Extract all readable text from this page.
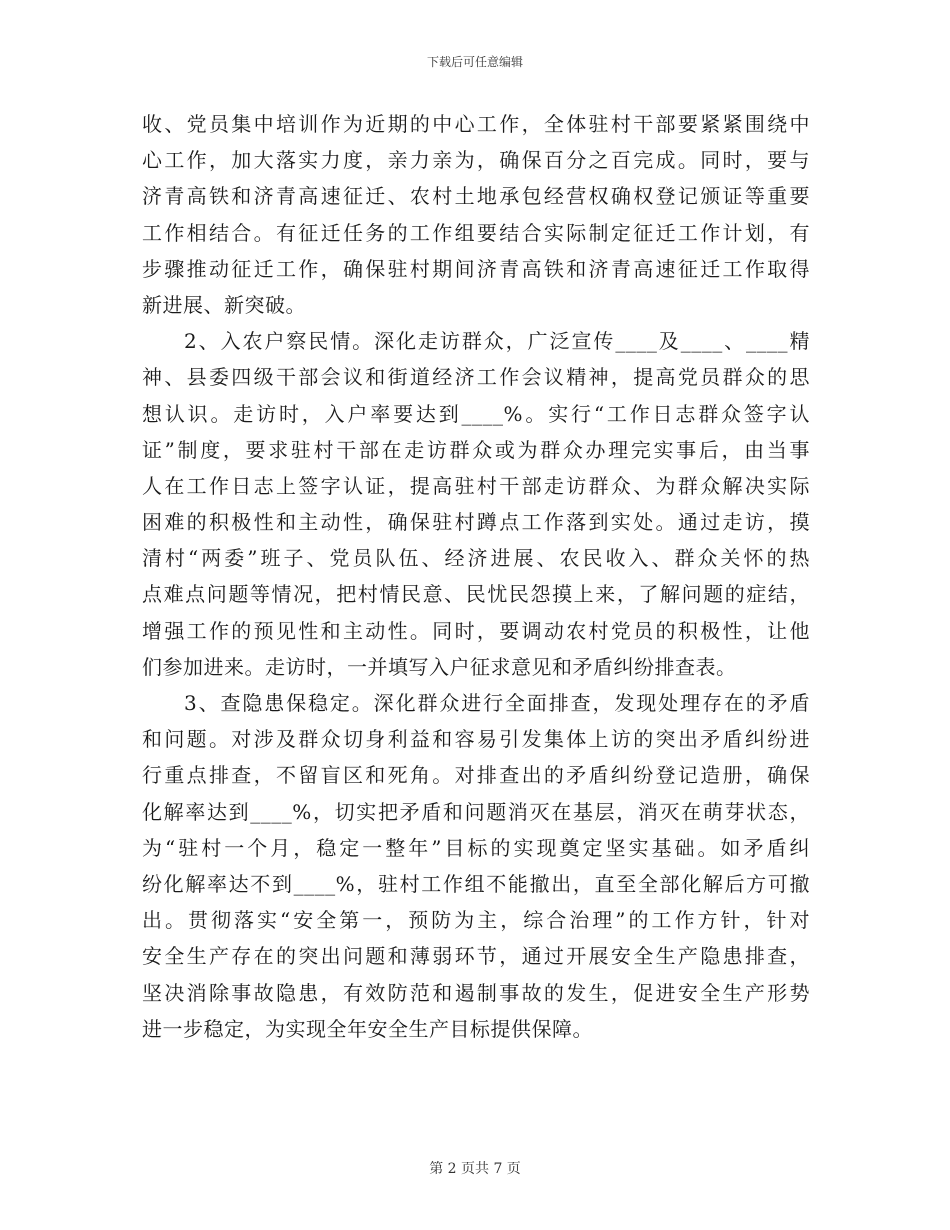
下载后可任意编辑
收、党员集中培训作为近期的中心工作，全体驻村干部要紧紧围绕中
心工作，加大落实力度，亲力亲为，确保百分之百完成。同时，要与
济青高铁和济青高速征迁、农村土地承包经营权确权登记颁证等重要
工作相结合。有征迁任务的工作组要结合实际制定征迁工作计划，有
步骤推动征迁工作，确保驻村期间济青高铁和济青高速征迁工作取得
新进展、新突破。
2、入农户察民情。深化走访群众，广泛宣传____及____、____精
神、县委四级干部会议和街道经济工作会议精神，提高党员群众的思
想认识。走访时，入户率要达到____%。实行“工作日志群众签字认
证”制度，要求驻村干部在走访群众或为群众办理完实事后，由当事
人在工作日志上签字认证，提高驻村干部走访群众、为群众解决实际
困难的积极性和主动性，确保驻村蹲点工作落到实处。通过走访，摸
清村“两委”班子、党员队伍、经济进展、农民收入、群众关怀的热
点难点问题等情况，把村情民意、民忧民怨摸上来，了解问题的症结，
增强工作的预见性和主动性。同时，要调动农村党员的积极性，让他
们参加进来。走访时，一并填写入户征求意见和矛盾纠纷排查表。
3、查隐患保稳定。深化群众进行全面排查，发现处理存在的矛盾
和问题。对涉及群众切身利益和容易引发集体上访的突出矛盾纠纷进
行重点排查，不留盲区和死角。对排查出的矛盾纠纷登记造册，确保
化解率达到____%，切实把矛盾和问题消灭在基层，消灭在萌芽状态，
为“驻村一个月，稳定一整年”目标的实现奠定坚实基础。如矛盾纠
纷化解率达不到____%，驻村工作组不能撤出，直至全部化解后方可撤
出。贯彻落实“安全第一，预防为主，综合治理”的工作方针，针对
安全生产存在的突出问题和薄弱环节，通过开展安全生产隐患排查，
坚决消除事故隐患，有效防范和遏制事故的发生，促进安全生产形势
进一步稳定，为实现全年安全生产目标提供保障。
第 2 页共 7 页
